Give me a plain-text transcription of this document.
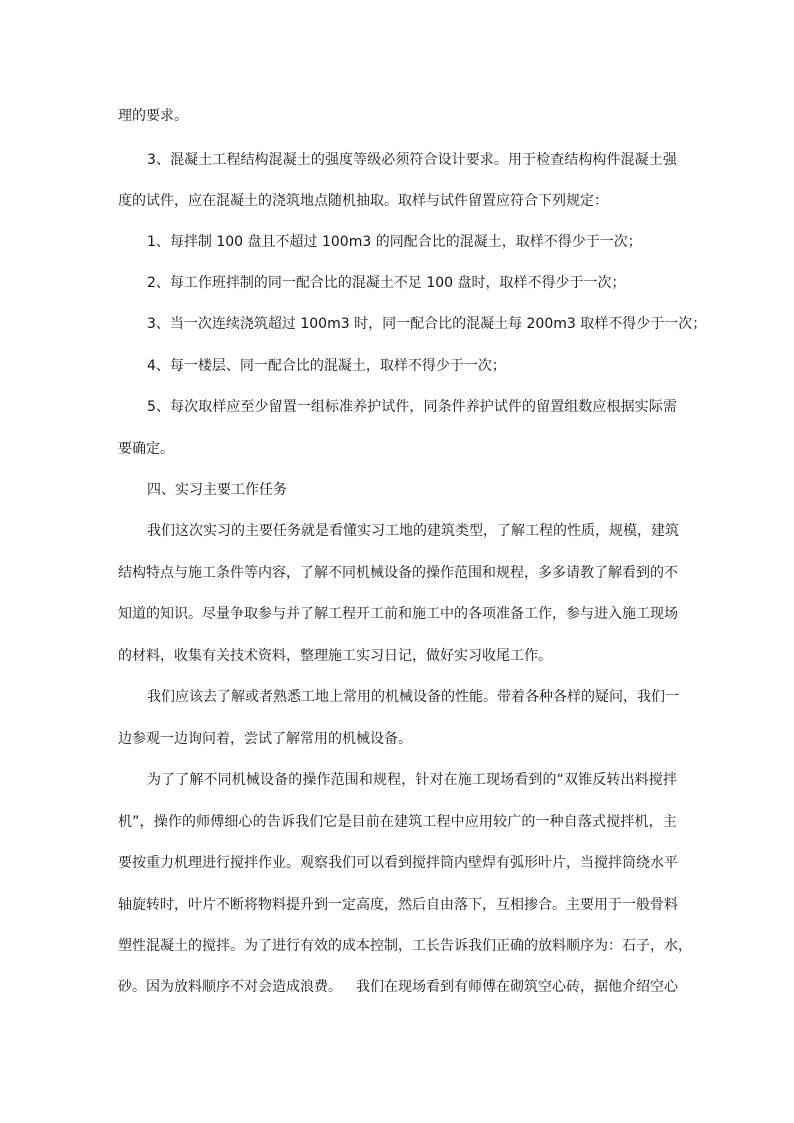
理的要求。
3 、 混 凝 土 工 程 结 构 混 凝 土 的 强 度 等 级 必 须 符 合 设 计 要 求 。 用 于 检 查 结 构 构 件 混 凝 土 强
度的试件，应在混凝土的浇筑地点随机抽取。取样与试件留置应符合下列规定：
1、每拌制 100 盘且不超过 100m3 的同配合比的混凝土，取样不得少于一次；
2、每工作班拌制的同一配合比的混凝土不足 100 盘时，取样不得少于一次；
3、当一次连续浇筑超过 100m3 时，同一配合比的混凝土每 200m3 取样不得少于一次；
4、每一楼层、同一配合比的混凝土，取样不得少于一次；
5 、 每 次 取 样 应 至 少 留 置 一 组 标 准 养 护 试 件 ， 同 条 件 养 护 试 件 的 留 置 组 数 应 根 据 实 际 需
要确定。
四、实习主要工作任务
我 们 这 次 实 习 的 主 要 任 务 就 是 看 懂 实 习 工 地 的 建 筑 类 型 ， 了 解 工 程 的 性 质 ， 规 模 ， 建 筑
结 构 特 点 与 施 工 条 件 等 内 容 ， 了 解 不 同 机 械 设 备 的 操 作 范 围 和 规 程 ， 多 多 请 教 了 解 看 到 的 不
知 道 的 知 识 。 尽 量 争 取 参 与 并 了 解 工 程 开 工 前 和 施 工 中 的 各 项 准 备 工 作 ， 参 与 进 入 施 工 现 场
的材料，收集有关技术资料，整理施工实习日记，做好实习收尾工作。
我 们 应 该 去 了 解 或 者 熟 悉 工 地 上 常 用 的 机 械 设 备 的 性 能 。 带 着 各 种 各 样 的 疑 问 ， 我 们 一
边参观一边询问着，尝试了解常用的机械设备。
为 了 了 解 不 同 机 械 设 备 的 操 作 范 围 和 规 程 ， 针 对 在 施 工 现 场 看 到 的 “ 双 锥 反 转 出 料 搅 拌
机 ” ， 操 作 的 师 傅 细 心 的 告 诉 我 们 它 是 目 前 在 建 筑 工 程 中 应 用 较 广 的 一 种 自 落 式 搅 拌 机 ， 主
要 按 重 力 机 理 进 行 搅 拌 作 业 。 观 察 我 们 可 以 看 到 搅 拌 筒 内 壁 焊 有 弧 形 叶 片 ， 当 搅 拌 筒 绕 水 平
轴 旋 转 时 ， 叶 片 不 断 将 物 料 提 升 到 一 定 高 度 ， 然 后 自 由 落 下 ， 互 相 掺 合 。 主 要 用 于 一 般 骨 料
塑 性 混 凝 土 的 搅 拌 。 为 了 进 行 有 效 的 成 本 控 制 ， 工 长 告 诉 我 们 正 确 的 放 料 顺 序 为 ： 石 子 ， 水 ，
砂 。 因 为 放 料 顺 序 不 对 会 造 成 浪 费 。
　 我 们 在 现 场 看 到 有 师 傅 在 砌 筑 空 心 砖 ， 据 他 介 绍 空 心
